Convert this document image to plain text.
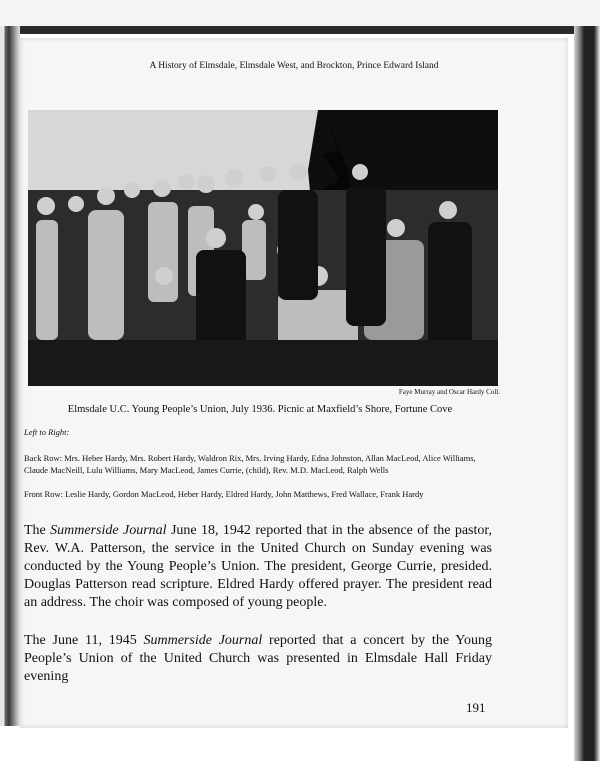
A History of Elmsdale, Elmsdale West, and Brockton, Prince Edward Island
Faye Murray and Oscar Hardy Coll.
Elmsdale U.C. Young People’s Union, July 1936. Picnic at Maxfield’s Shore, Fortune Cove
Left to Right:
Back Row: Mrs. Heber Hardy, Mrs. Robert Hardy, Waldron Rix, Mrs. Irving Hardy, Edna Johnston, Allan MacLeod, Alice Williams, Claude MacNeill, Lulu Williams, Mary MacLeod, James Currie, (child), Rev. M.D. MacLeod, Ralph Wells
Front Row: Leslie Hardy, Gordon MacLeod, Heber Hardy, Eldred Hardy, John Matthews, Fred Wallace, Frank Hardy

The Summerside Journal June 18, 1942 reported that in the absence of the pastor, Rev. W.A. Patterson, the service in the United Church on Sunday evening was conducted by the Young People’s Union. The president, George Currie, presided. Douglas Patterson read scripture. Eldred Hardy offered prayer. The president read an address. The choir was composed of young people.

The June 11, 1945 Summerside Journal reported that a concert by the Young People’s Union of the United Church was presented in Elmsdale Hall Friday evening

191
